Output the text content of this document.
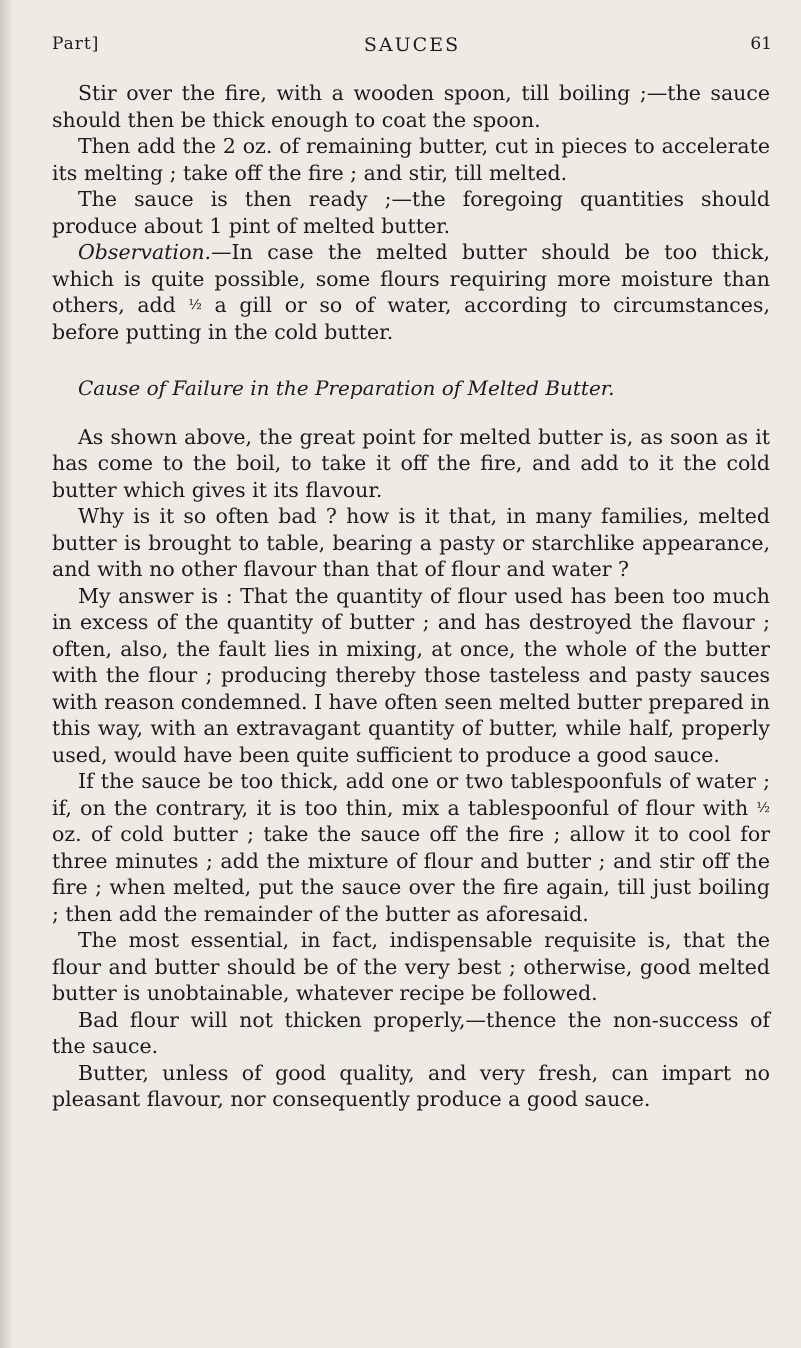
Part]	SAUCES	61

Stir over the fire, with a wooden spoon, till boiling ;—the sauce should then be thick enough to coat the spoon.

Then add the 2 oz. of remaining butter, cut in pieces to accelerate its melting ; take off the fire ; and stir, till melted.

The sauce is then ready ;—the foregoing quantities should produce about 1 pint of melted butter.

Observation.—In case the melted butter should be too thick, which is quite possible, some flours requiring more moisture than others, add ½ a gill or so of water, according to circumstances, before putting in the cold butter.

Cause of Failure in the Preparation of Melted Butter.

As shown above, the great point for melted butter is, as soon as it has come to the boil, to take it off the fire, and add to it the cold butter which gives it its flavour.

Why is it so often bad ? how is it that, in many families, melted butter is brought to table, bearing a pasty or starchlike appearance, and with no other flavour than that of flour and water ?

My answer is : That the quantity of flour used has been too much in excess of the quantity of butter ; and has destroyed the flavour ; often, also, the fault lies in mixing, at once, the whole of the butter with the flour ; producing thereby those tasteless and pasty sauces with reason condemned. I have often seen melted butter prepared in this way, with an extravagant quantity of butter, while half, properly used, would have been quite sufficient to produce a good sauce.

If the sauce be too thick, add one or two tablespoonfuls of water ; if, on the contrary, it is too thin, mix a tablespoonful of flour with ½ oz. of cold butter ; take the sauce off the fire ; allow it to cool for three minutes ; add the mixture of flour and butter ; and stir off the fire ; when melted, put the sauce over the fire again, till just boiling ; then add the remainder of the butter as aforesaid.

The most essential, in fact, indispensable requisite is, that the flour and butter should be of the very best ; otherwise, good melted butter is unobtainable, whatever recipe be followed.

Bad flour will not thicken properly,—thence the non-success of the sauce.

Butter, unless of good quality, and very fresh, can impart no pleasant flavour, nor consequently produce a good sauce.
